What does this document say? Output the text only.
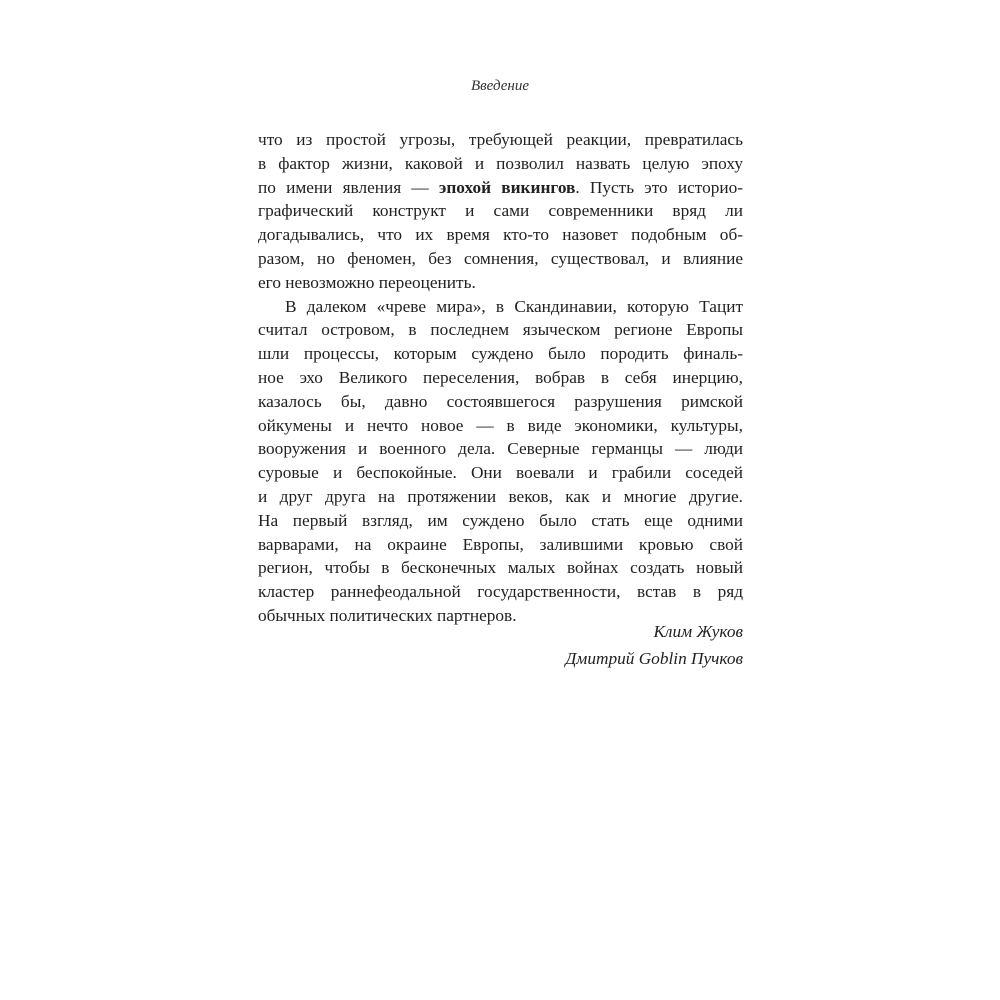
Введение

что из простой угрозы, требующей реакции, превратилась
в фактор жизни, каковой и позволил назвать целую эпоху
по имени явления — эпохой викингов. Пусть это историо-
графический конструкт и сами современники вряд ли
догадывались, что их время кто-то назовет подобным об-
разом, но феномен, без сомнения, существовал, и влияние
его невозможно переоценить.

В далеком «чреве мира», в Скандинавии, которую Тацит
считал островом, в последнем языческом регионе Европы
шли процессы, которым суждено было породить финаль-
ное эхо Великого переселения, вобрав в себя инерцию,
казалось бы, давно состоявшегося разрушения римской
ойкумены и нечто новое — в виде экономики, культуры,
вооружения и военного дела. Северные германцы — люди
суровые и беспокойные. Они воевали и грабили соседей
и друг друга на протяжении веков, как и многие другие.
На первый взгляд, им суждено было стать еще одними
варварами, на окраине Европы, залившими кровью свой
регион, чтобы в бесконечных малых войнах создать новый
кластер раннефеодальной государственности, встав в ряд
обычных политических партнеров.

Клим Жуков
Дмитрий Goblin Пучков
